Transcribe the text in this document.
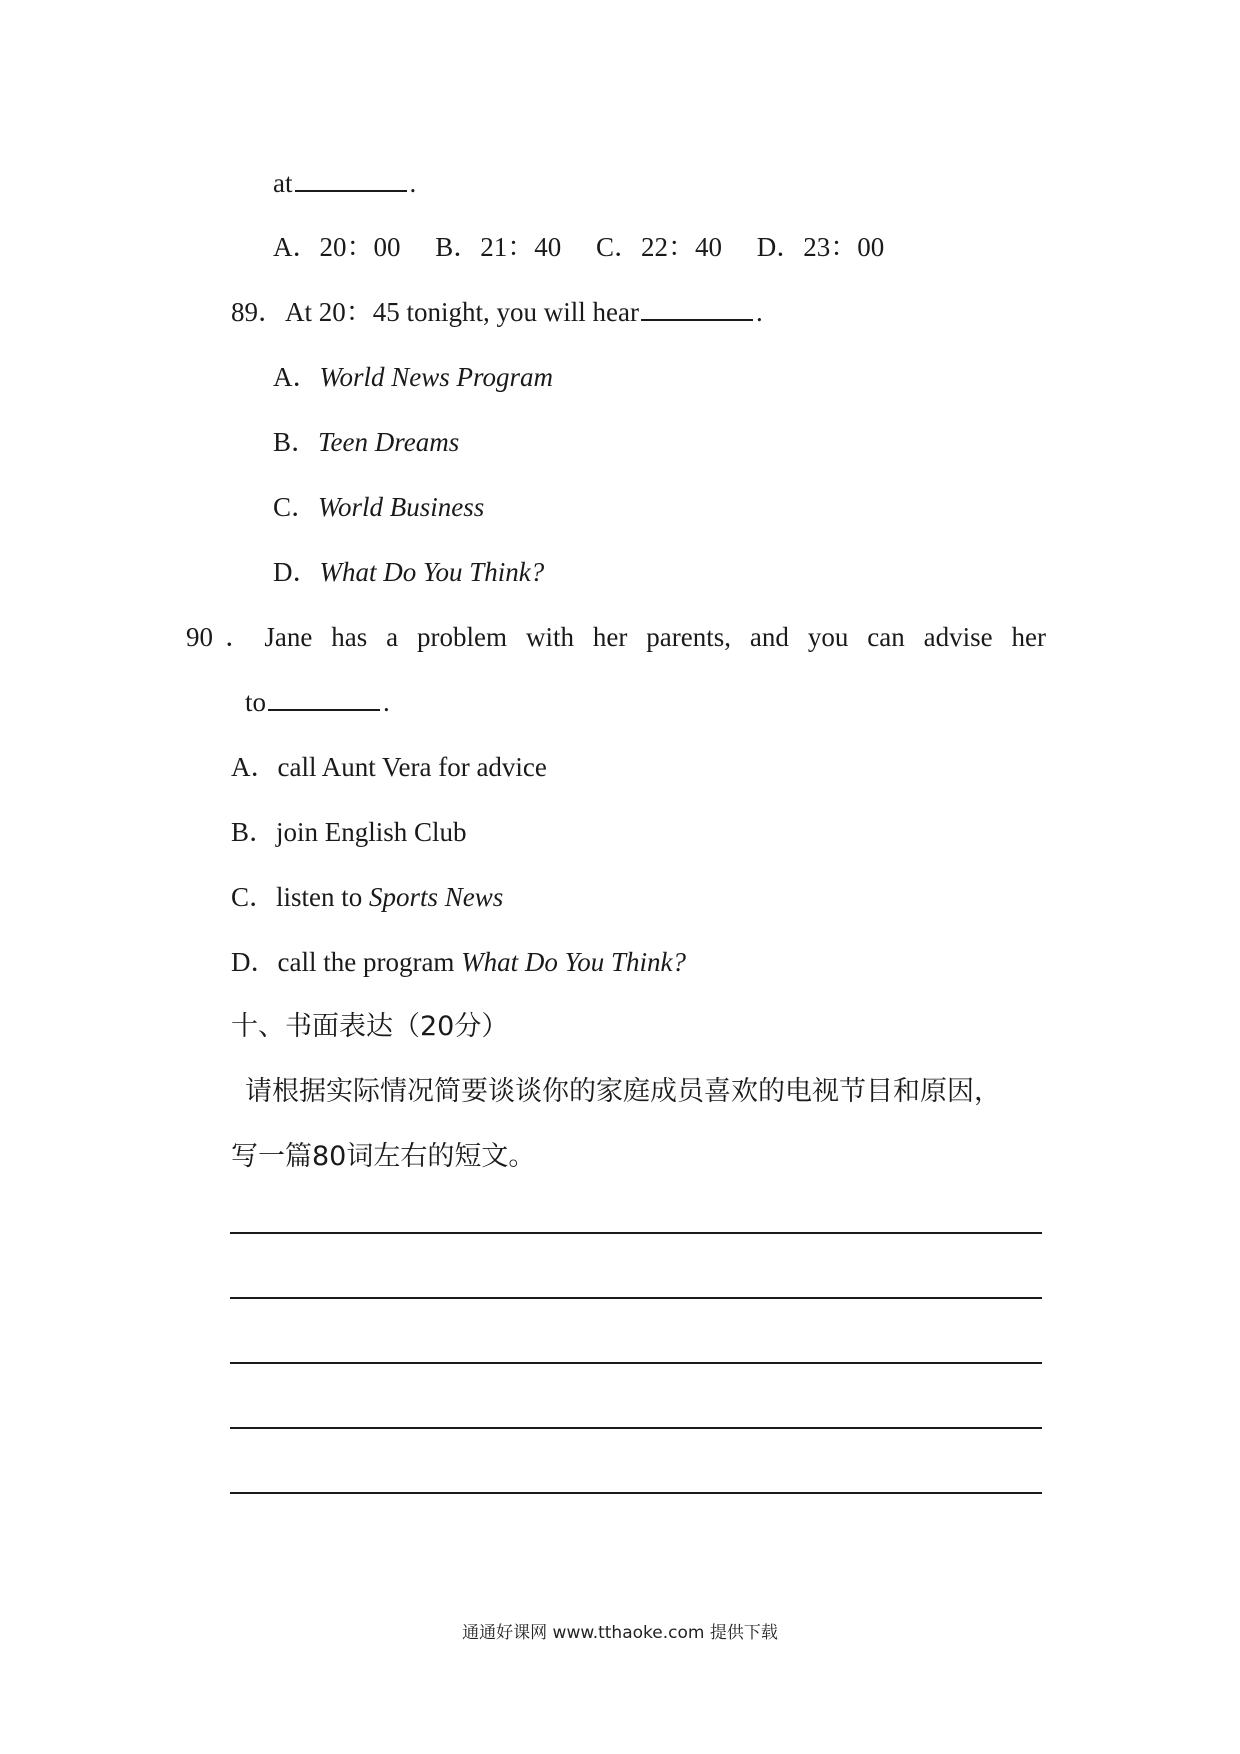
at	.
A．20：00 B．21：40 C．22：40 D．23：00
89．At 20：45 tonight, you will hear	.
A．World News Program
B．Teen Dreams
C．World Business
D．What Do You Think?
90．Jane has a problem with her parents, and you can advise her
to	.
A．call Aunt Vera for advice
B．join English Club
C．listen to Sports News
D．call the program What Do You Think?
十、书面表达（20分）
请根据实际情况简要谈谈你的家庭成员喜欢的电视节目和原因，
写一篇80词左右的短文。
通通好课网 www.tthaoke.com 提供下载
